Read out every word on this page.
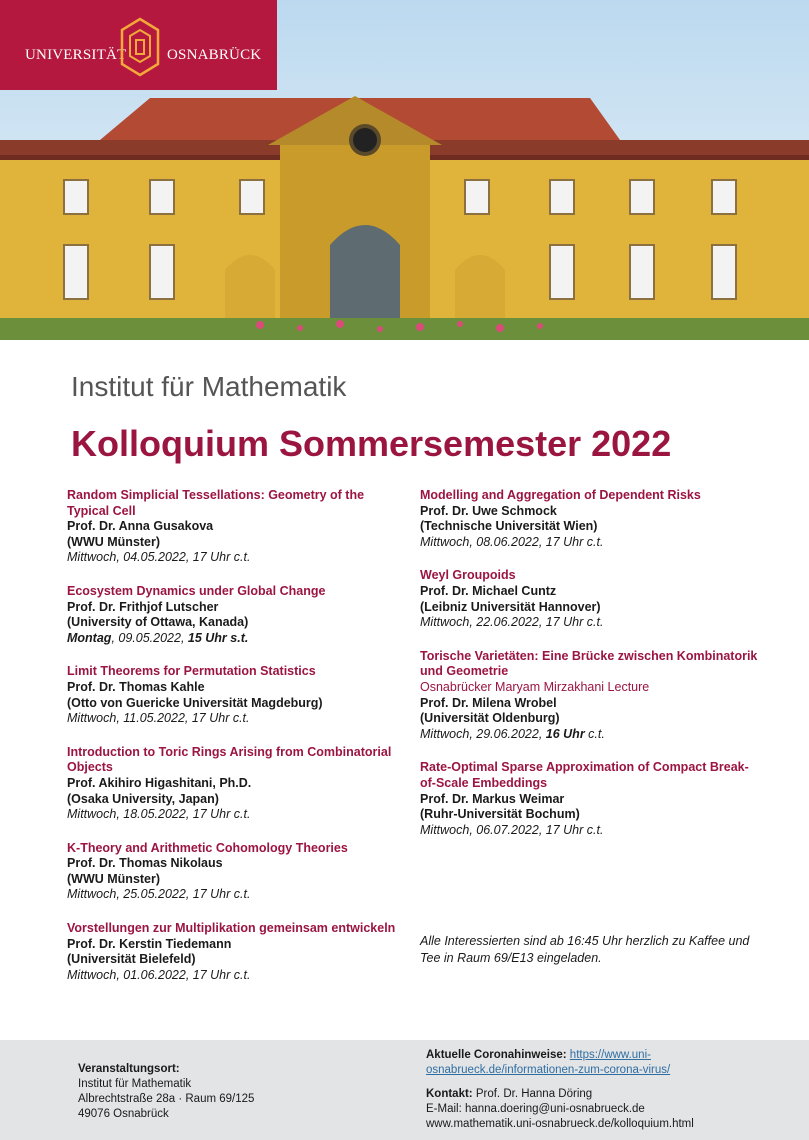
UNIVERSITÄT	OSNABRÜCK
Institut für Mathematik
Kolloquium Sommersemester 2022
Random Simplicial Tessellations: Geometry of the Typical Cell
Prof. Dr. Anna Gusakova
(WWU Münster)
Mittwoch, 04.05.2022, 17 Uhr c.t.
Ecosystem Dynamics under Global Change
Prof. Dr. Frithjof Lutscher
(University of Ottawa, Kanada)
Montag, 09.05.2022, 15 Uhr s.t.
Limit Theorems for Permutation Statistics
Prof. Dr. Thomas Kahle
(Otto von Guericke Universität Magdeburg)
Mittwoch, 11.05.2022, 17 Uhr c.t.
Introduction to Toric Rings Arising from Combinatorial Objects
Prof. Akihiro Higashitani, Ph.D.
(Osaka University, Japan)
Mittwoch, 18.05.2022, 17 Uhr c.t.
K-Theory and Arithmetic Cohomology Theories
Prof. Dr. Thomas Nikolaus
(WWU Münster)
Mittwoch, 25.05.2022, 17 Uhr c.t.
Vorstellungen zur Multiplikation gemeinsam entwickeln
Prof. Dr. Kerstin Tiedemann
(Universität Bielefeld)
Mittwoch, 01.06.2022, 17 Uhr c.t.
Modelling and Aggregation of Dependent Risks
Prof. Dr. Uwe Schmock
(Technische Universität Wien)
Mittwoch, 08.06.2022, 17 Uhr c.t.
Weyl Groupoids
Prof. Dr. Michael Cuntz
(Leibniz Universität Hannover)
Mittwoch, 22.06.2022, 17 Uhr c.t.
Torische Varietäten: Eine Brücke zwischen Kombinatorik und Geometrie
Osnabrücker Maryam Mirzakhani Lecture
Prof. Dr. Milena Wrobel
(Universität Oldenburg)
Mittwoch, 29.06.2022, 16 Uhr c.t.
Rate-Optimal Sparse Approximation of Compact Break-of-Scale Embeddings
Prof. Dr. Markus Weimar
(Ruhr-Universität Bochum)
Mittwoch, 06.07.2022, 17 Uhr c.t.
Alle Interessierten sind ab 16:45 Uhr herzlich zu Kaffee und Tee in Raum 69/E13 eingeladen.
Veranstaltungsort:
Institut für Mathematik
Albrechtstraße 28a · Raum 69/125
49076 Osnabrück
Aktuelle Coronahinweise: https://www.uni-
osnabrueck.de/informationen-zum-corona-virus/
Kontakt: Prof. Dr. Hanna Döring
E-Mail: hanna.doering@uni-osnabrueck.de
www.mathematik.uni-osnabrueck.de/kolloquium.html
